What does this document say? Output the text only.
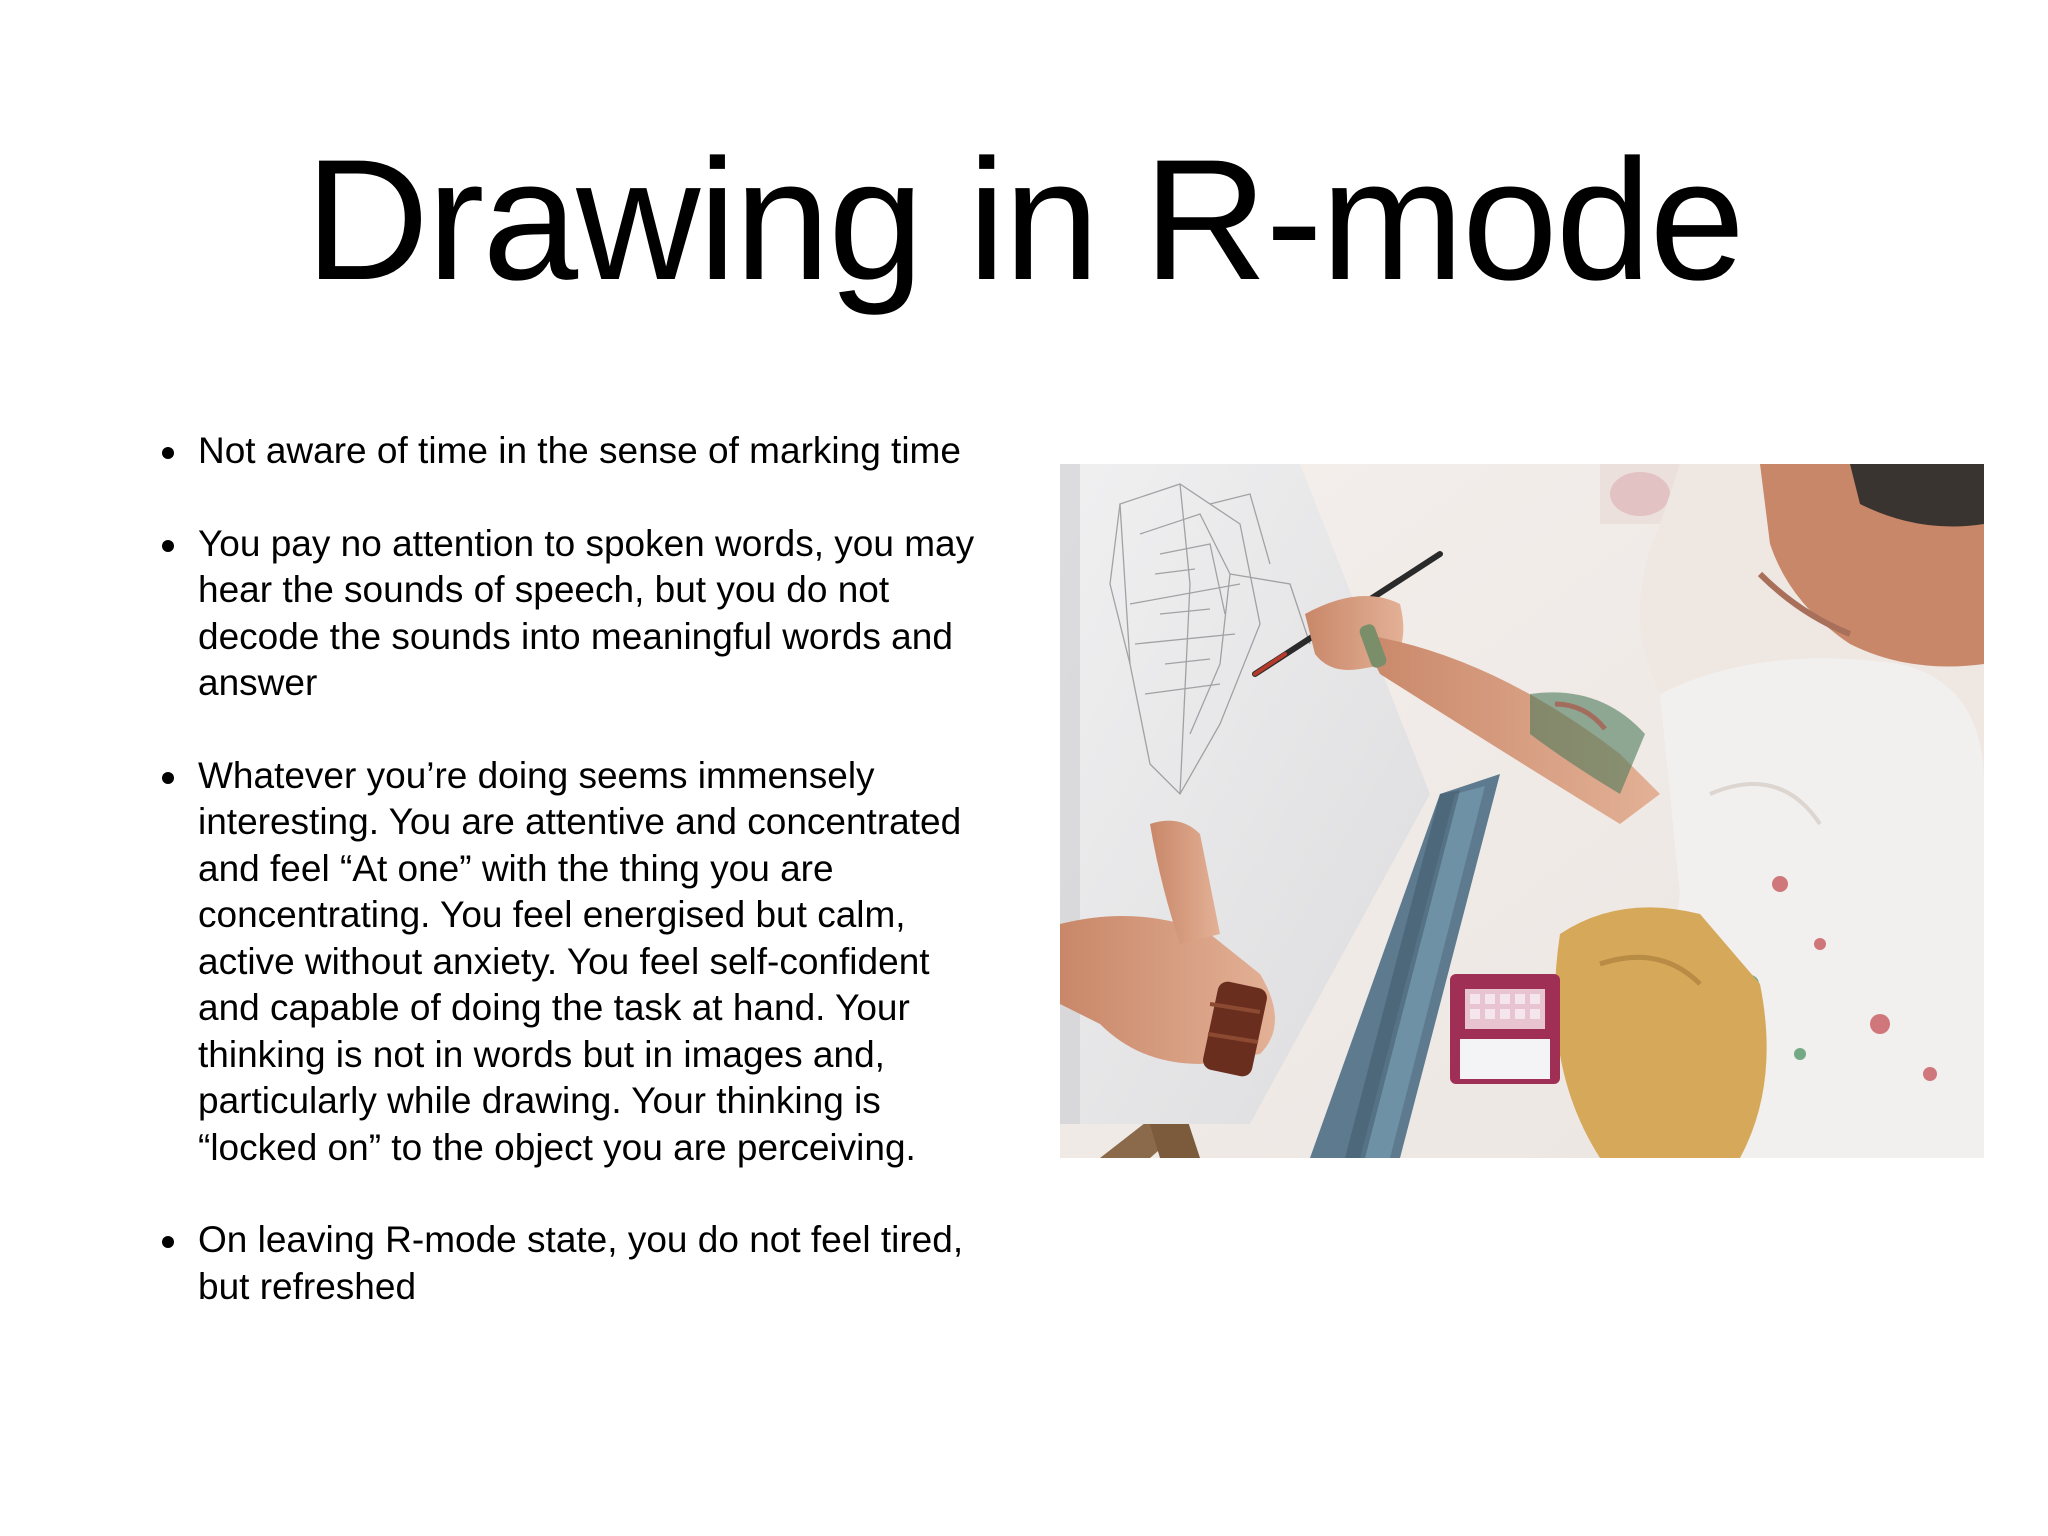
Drawing in R-mode
Not aware of time in the sense of marking time
You pay no attention to spoken words, you may hear the sounds of speech, but you do not decode the sounds into meaningful words and answer
Whatever you’re doing seems immensely interesting. You are attentive and concentrated and feel “At one” with the thing you are concentrating. You feel energised but calm, active without anxiety. You feel self-confident and capable of doing the task at hand. Your thinking is not in words but in images and, particularly while drawing. Your thinking is “locked on” to the object you are perceiving.
On leaving R-mode state, you do not feel tired, but refreshed
